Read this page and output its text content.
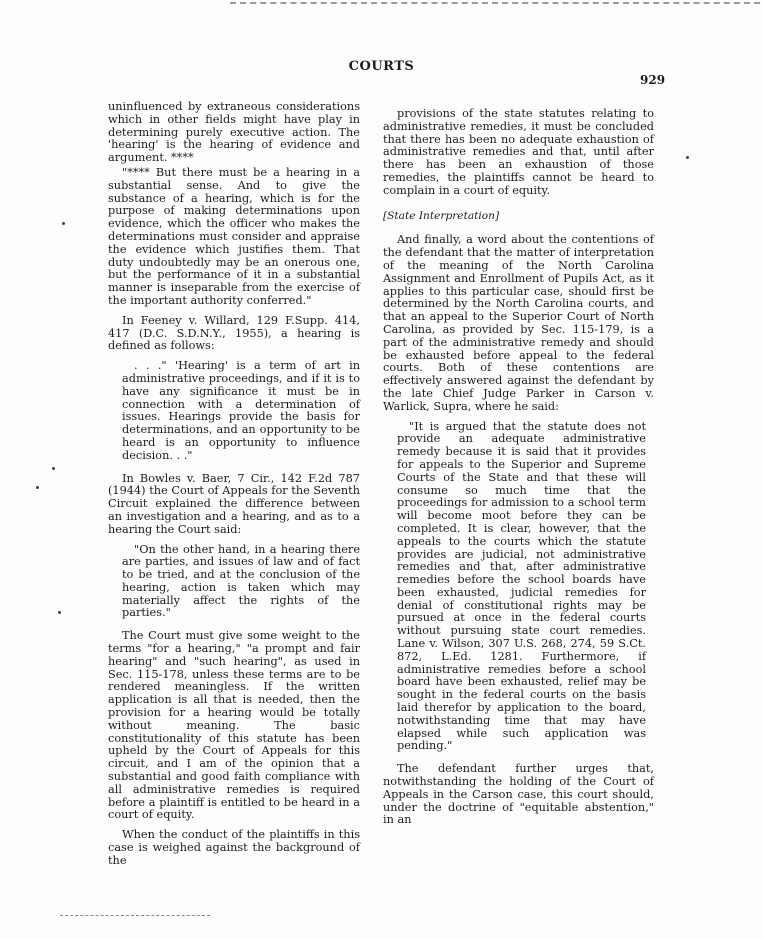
COURTS
929

uninfluenced by extraneous considerations which in other fields might have play in determining purely executive action. The 'hearing' is the hearing of evidence and argument. ****

"**** But there must be a hearing in a substantial sense. And to give the substance of a hearing, which is for the purpose of making determinations upon evidence, which the officer who makes the determinations must consider and appraise the evidence which justifies them. That duty undoubtedly may be an onerous one, but the performance of it in a substantial manner is inseparable from the exercise of the important authority conferred."

In Feeney v. Willard, 129 F.Supp. 414, 417 (D.C. S.D.N.Y., 1955), a hearing is defined as follows:

. . ." 'Hearing' is a term of art in administrative proceedings, and if it is to have any significance it must be in connection with a determination of issues. Hearings provide the basis for determinations, and an opportunity to be heard is an opportunity to influence decision. . ."

In Bowles v. Baer, 7 Cir., 142 F.2d 787 (1944) the Court of Appeals for the Seventh Circuit explained the difference between an investigation and a hearing, and as to a hearing the Court said:

"On the other hand, in a hearing there are parties, and issues of law and of fact to be tried, and at the conclusion of the hearing, action is taken which may materially affect the rights of the parties."

The Court must give some weight to the terms "for a hearing," "a prompt and fair hearing" and "such hearing", as used in Sec. 115-178, unless these terms are to be rendered meaningless. If the written application is all that is needed, then the provision for a hearing would be totally without meaning. The basic constitutionality of this statute has been upheld by the Court of Appeals for this circuit, and I am of the opinion that a substantial and good faith compliance with all administrative remedies is required before a plaintiff is entitled to be heard in a court of equity.

When the conduct of the plaintiffs in this case is weighed against the background of the

provisions of the state statutes relating to administrative remedies, it must be concluded that there has been no adequate exhaustion of administrative remedies and that, until after there has been an exhaustion of those remedies, the plaintiffs cannot be heard to complain in a court of equity.

[State Interpretation]

And finally, a word about the contentions of the defendant that the matter of interpretation of the meaning of the North Carolina Assignment and Enrollment of Pupils Act, as it applies to this particular case, should first be determined by the North Carolina courts, and that an appeal to the Superior Court of North Carolina, as provided by Sec. 115-179, is a part of the administrative remedy and should be exhausted before appeal to the federal courts. Both of these contentions are effectively answered against the defendant by the late Chief Judge Parker in Carson v. Warlick, Supra, where he said:

"It is argued that the statute does not provide an adequate administrative remedy because it is said that it provides for appeals to the Superior and Supreme Courts of the State and that these will consume so much time that the proceedings for admission to a school term will become moot before they can be completed. It is clear, however, that the appeals to the courts which the statute provides are judicial, not administrative remedies and that, after administrative remedies before the school boards have been exhausted, judicial remedies for denial of constitutional rights may be pursued at once in the federal courts without pursuing state court remedies. Lane v. Wilson, 307 U.S. 268, 274, 59 S.Ct. 872, L.Ed. 1281. Furthermore, if administrative remedies before a school board have been exhausted, relief may be sought in the federal courts on the basis laid therefor by application to the board, notwithstanding time that may have elapsed while such application was pending."

The defendant further urges that, notwithstanding the holding of the Court of Appeals in the Carson case, this court should, under the doctrine of "equitable abstention," in an
